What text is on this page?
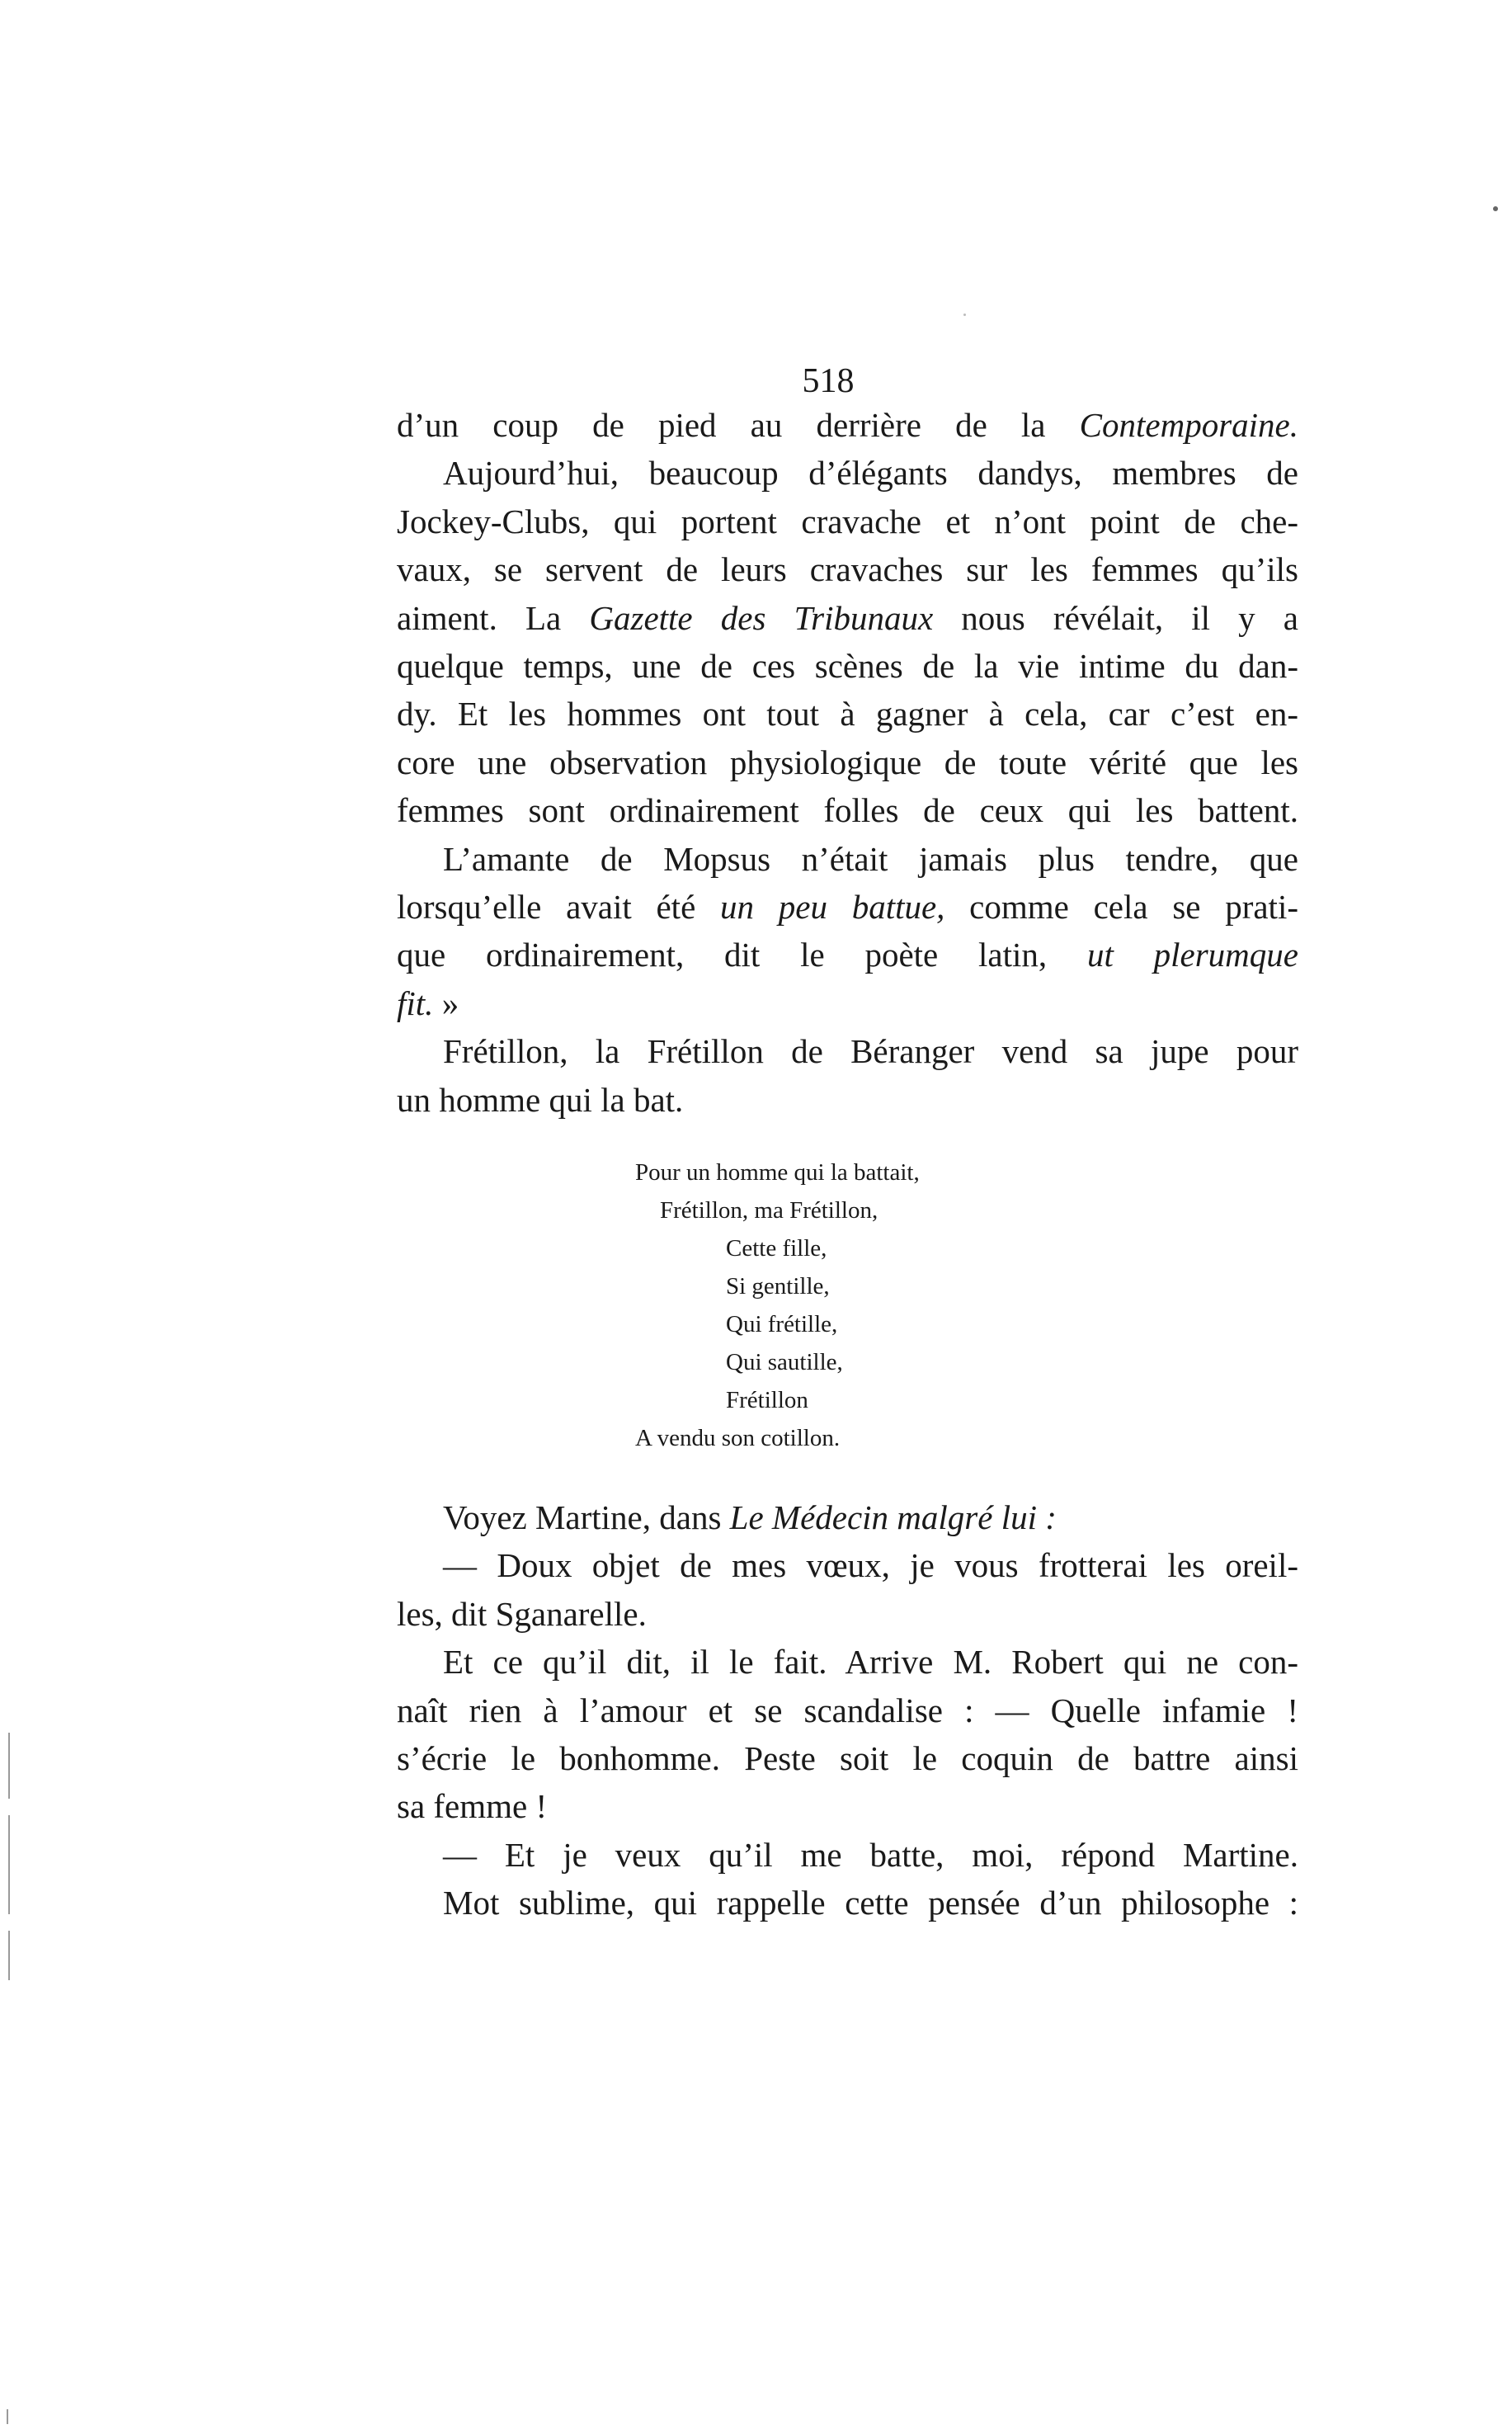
518
d’un coup de pied au derrière de la Contemporaine.
Aujourd’hui, beaucoup d’élégants dandys, membres de
Jockey-Clubs, qui portent cravache et n’ont point de che-
vaux, se servent de leurs cravaches sur les femmes qu’ils
aiment. La Gazette des Tribunaux nous révélait, il y a
quelque temps, une de ces scènes de la vie intime du dan-
dy. Et les hommes ont tout à gagner à cela, car c’est en-
core une observation physiologique de toute vérité que les
femmes sont ordinairement folles de ceux qui les battent.
L’amante de Mopsus n’était jamais plus tendre, que
lorsqu’elle avait été un peu battue, comme cela se prati-
que ordinairement, dit le poète latin, ut plerumque
fit. »
Frétillon, la Frétillon de Béranger vend sa jupe pour
un homme qui la bat.
Pour un homme qui la battait,
Frétillon, ma Frétillon,
Cette fille,
Si gentille,
Qui frétille,
Qui sautille,
Frétillon
A vendu son cotillon.
Voyez Martine, dans Le Médecin malgré lui :
— Doux objet de mes vœux, je vous frotterai les oreil-
les, dit Sganarelle.
Et ce qu’il dit, il le fait. Arrive M. Robert qui ne con-
naît rien à l’amour et se scandalise : — Quelle infamie !
s’écrie le bonhomme. Peste soit le coquin de battre ainsi
sa femme !
— Et je veux qu’il me batte, moi, répond Martine.
Mot sublime, qui rappelle cette pensée d’un philosophe :
